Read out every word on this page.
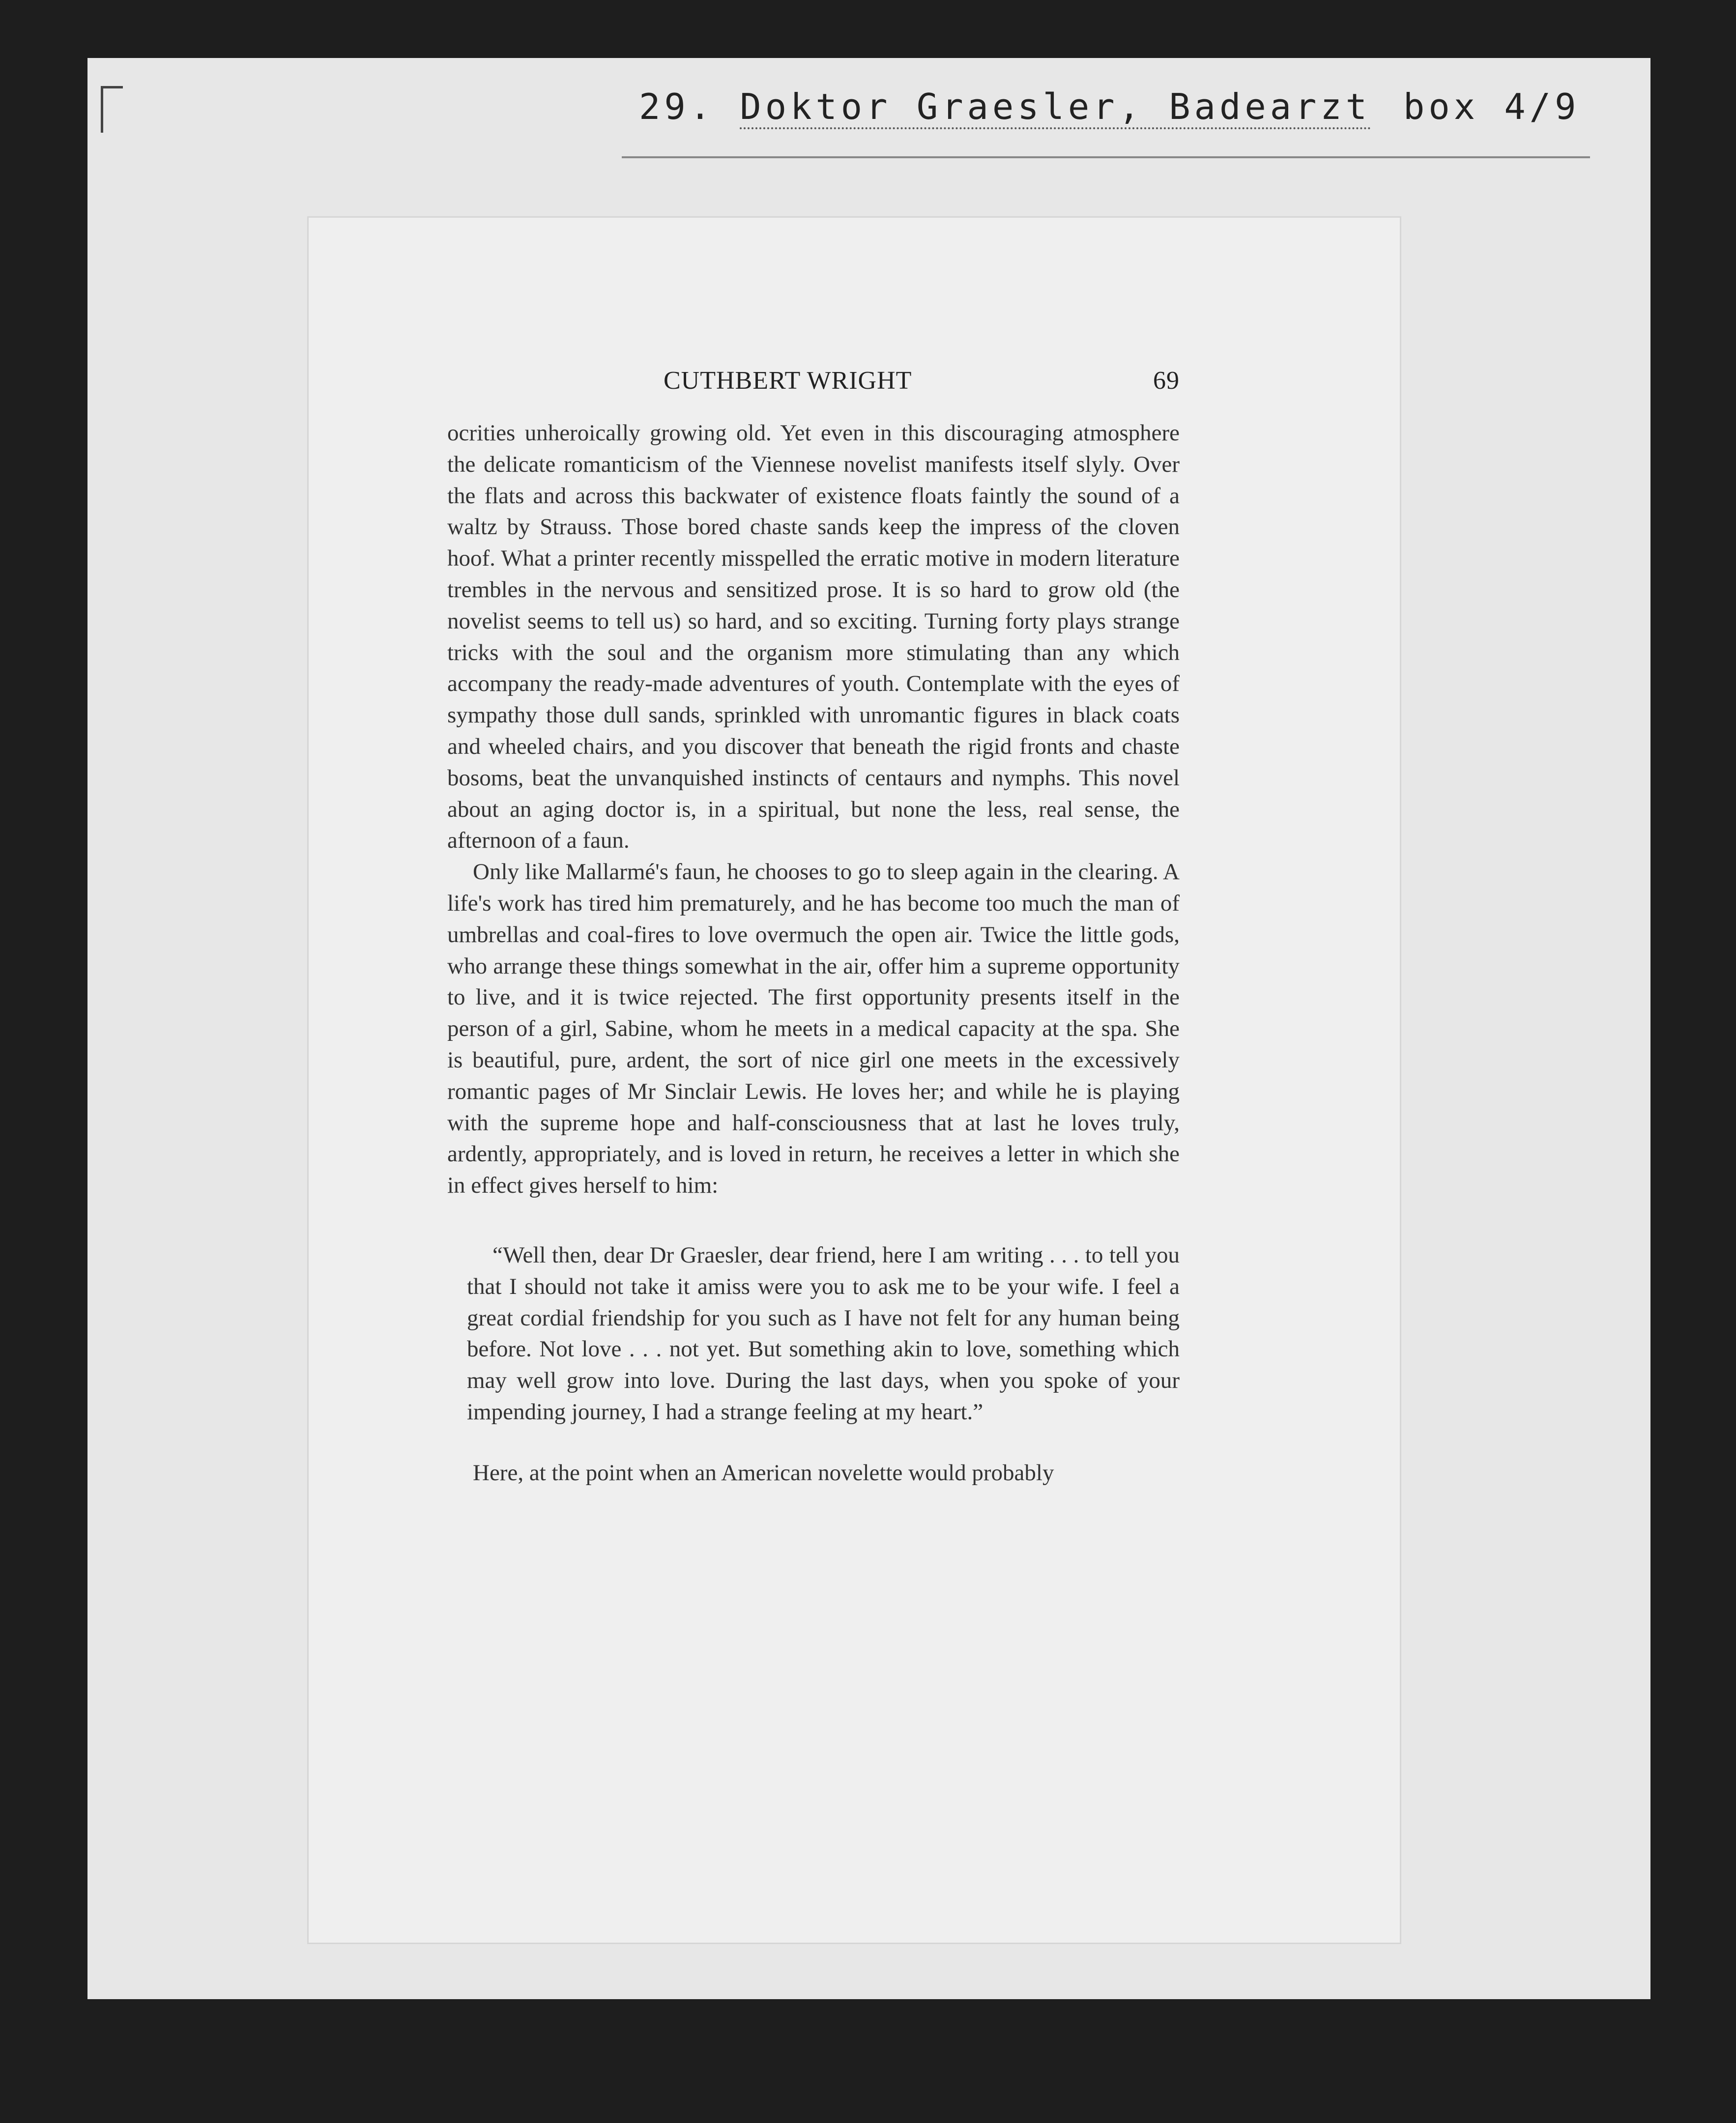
29. Doktor Graesler, Badearzt box 4/9
CUTHBERT WRIGHT	69

ocrities unheroically growing old. Yet even in this discouraging atmosphere the delicate romanticism of the Viennese novelist manifests itself slyly. Over the flats and across this backwater of existence floats faintly the sound of a waltz by Strauss. Those bored chaste sands keep the impress of the cloven hoof. What a printer recently misspelled the erratic motive in modern literature trembles in the nervous and sensitized prose. It is so hard to grow old (the novelist seems to tell us) so hard, and so exciting. Turning forty plays strange tricks with the soul and the organism more stimulating than any which accompany the ready-made adventures of youth. Contemplate with the eyes of sympathy those dull sands, sprinkled with unromantic figures in black coats and wheeled chairs, and you discover that beneath the rigid fronts and chaste bosoms, beat the unvanquished instincts of centaurs and nymphs. This novel about an aging doctor is, in a spiritual, but none the less, real sense, the afternoon of a faun.

Only like Mallarmé's faun, he chooses to go to sleep again in the clearing. A life's work has tired him prematurely, and he has become too much the man of umbrellas and coal-fires to love overmuch the open air. Twice the little gods, who arrange these things somewhat in the air, offer him a supreme opportunity to live, and it is twice rejected. The first opportunity presents itself in the person of a girl, Sabine, whom he meets in a medical capacity at the spa. She is beautiful, pure, ardent, the sort of nice girl one meets in the excessively romantic pages of Mr Sinclair Lewis. He loves her; and while he is playing with the supreme hope and half-consciousness that at last he loves truly, ardently, appropriately, and is loved in return, he receives a letter in which she in effect gives herself to him:

“Well then, dear Dr Graesler, dear friend, here I am writing . . . to tell you that I should not take it amiss were you to ask me to be your wife. I feel a great cordial friendship for you such as I have not felt for any human being before. Not love . . . not yet. But something akin to love, something which may well grow into love. During the last days, when you spoke of your impending journey, I had a strange feeling at my heart.”

Here, at the point when an American novelette would probably
